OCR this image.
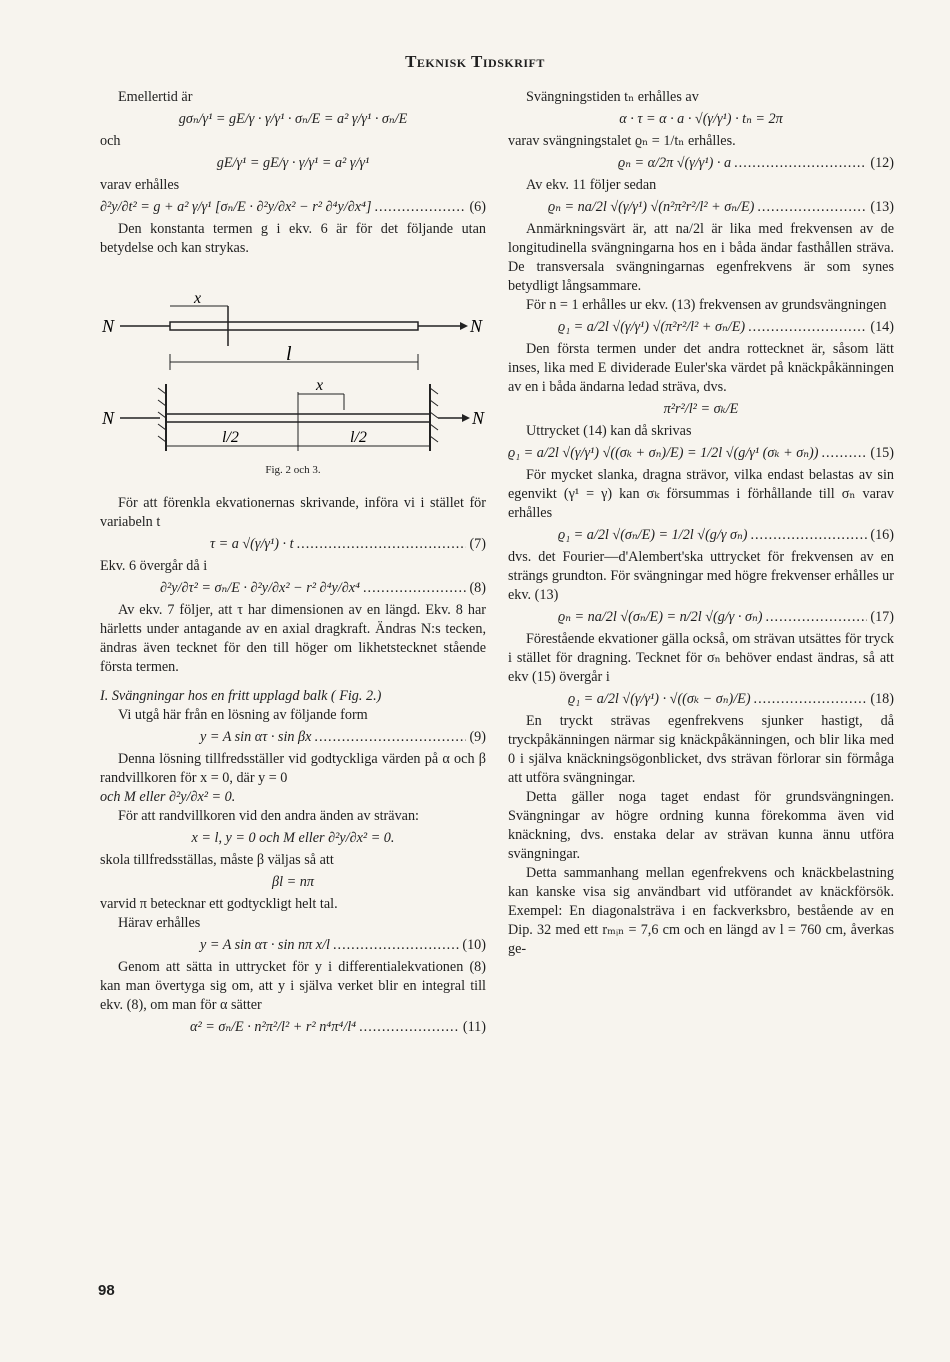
Teknisk Tidskrift

Emellertid är

gσₙ/γ¹ = gE/γ · γ/γ¹ · σₙ/E = a² γ/γ¹ · σₙ/E

och

gE/γ¹ = gE/γ · γ/γ¹ = a² γ/γ¹

varav erhålles

∂²y/∂t² = g + a² γ/γ¹ [σₙ/E · ∂²y/∂x² − r² ∂⁴y/∂x⁴] .....	(6)

Den konstanta termen g i ekv. 6 är för det följande utan betydelse och kan strykas.

N	N
x
l
N	N
x
l/2	l/2
Fig. 2 och 3.

För att förenkla ekvationernas skrivande, införa vi i stället för variabeln t

τ = a √(γ/γ¹) · t .....	(7)

Ekv. 6 övergår då i

∂²y/∂τ² = σₙ/E · ∂²y/∂x² − r² ∂⁴y/∂x⁴ .....	(8)

Av ekv. 7 följer, att τ har dimensionen av en längd. Ekv. 8 har härletts under antagande av en axial dragkraft. Ändras N:s tecken, ändras även tecknet för den till höger om likhetstecknet stående första termen.

I. Svängningar hos en fritt upplagd balk ( Fig. 2.)

Vi utgå här från en lösning av följande form

y = A sin ατ · sin βx .....	(9)

Denna lösning tillfredsställer vid godtyckliga värden på α och β randvillkoren för x = 0, där y = 0

och M eller ∂²y/∂x² = 0.

För att randvillkoren vid den andra änden av strävan:

x = l, y = 0 och M eller ∂²y/∂x² = 0.

skola tillfredsställas, måste β väljas så att

βl = nπ

varvid π betecknar ett godtyckligt helt tal.

Härav erhålles

y = A sin ατ · sin nπ x/l .....	(10)

Genom att sätta in uttrycket för y i differentialekvationen (8) kan man övertyga sig om, att y i själva verket blir en integral till ekv. (8), om man för α sätter

α² = σₙ/E · n²π²/l² + r² n⁴π⁴/l⁴ .....	(11)

Svängningstiden tₙ erhålles av

α · τ = α · a · √(γ/γ¹) · tₙ = 2π

varav svängningstalet ϱₙ = 1/tₙ erhålles.

ϱₙ = α/2π √(γ/γ¹) · a .....	(12)

Av ekv. 11 följer sedan

ϱₙ = na/2l √(γ/γ¹) √(n²π²r²/l² + σₙ/E) .....	(13)

Anmärkningsvärt är, att na/2l är lika med frekvensen av de longitudinella svängningarna hos en i båda ändar fasthållen sträva. De transversala svängningarnas egenfrekvens är som synes betydligt långsammare.

För n = 1 erhålles ur ekv. (13) frekvensen av grundsvängningen

ϱ₁ = a/2l √(γ/γ¹) √(π²r²/l² + σₙ/E) .....	(14)

Den första termen under det andra rottecknet är, såsom lätt inses, lika med E dividerade Euler'ska värdet på knäckpåkänningen av en i båda ändarna ledad sträva, dvs.

π²r²/l² = σₖ/E

Uttrycket (14) kan då skrivas

ϱ₁ = a/2l √(γ/γ¹) √((σₖ + σₙ)/E) = 1/2l √(g/γ¹ (σₖ + σₙ)) .....	(15)

För mycket slanka, dragna strävor, vilka endast belastas av sin egenvikt (γ¹ = γ) kan σₖ försummas i förhållande till σₙ varav erhålles

ϱ₁ = a/2l √(σₙ/E) = 1/2l √(g/γ σₙ) .....	(16)

dvs. det Fourier—d'Alembert'ska uttrycket för frekvensen av en strängs grundton. För svängningar med högre frekvenser erhålles ur ekv. (13)

ϱₙ = na/2l √(σₙ/E) = n/2l √(g/γ · σₙ) .....	(17)

Förestående ekvationer gälla också, om strävan utsättes för tryck i stället för dragning. Tecknet för σₙ behöver endast ändras, så att ekv (15) övergår i

ϱ₁ = a/2l √(γ/γ¹) · √((σₖ − σₙ)/E) .....	(18)

En tryckt strävas egenfrekvens sjunker hastigt, då tryckpåkänningen närmar sig knäckpåkänningen, och blir lika med 0 i själva knäckningsögonblicket, dvs strävan förlorar sin förmåga att utföra svängningar.

Detta gäller noga taget endast för grundsvängningen. Svängningar av högre ordning kunna förekomma även vid knäckning, dvs. enstaka delar av strävan kunna ännu utföra svängningar.

Detta sammanhang mellan egenfrekvens och knäckbelastning kan kanske visa sig användbart vid utförandet av knäckförsök. Exempel: En diagonalsträva i en fackverksbro, bestående av en Dip. 32 med ett rₘᵢₙ = 7,6 cm och en längd av l = 760 cm, åverkas ge-

98
